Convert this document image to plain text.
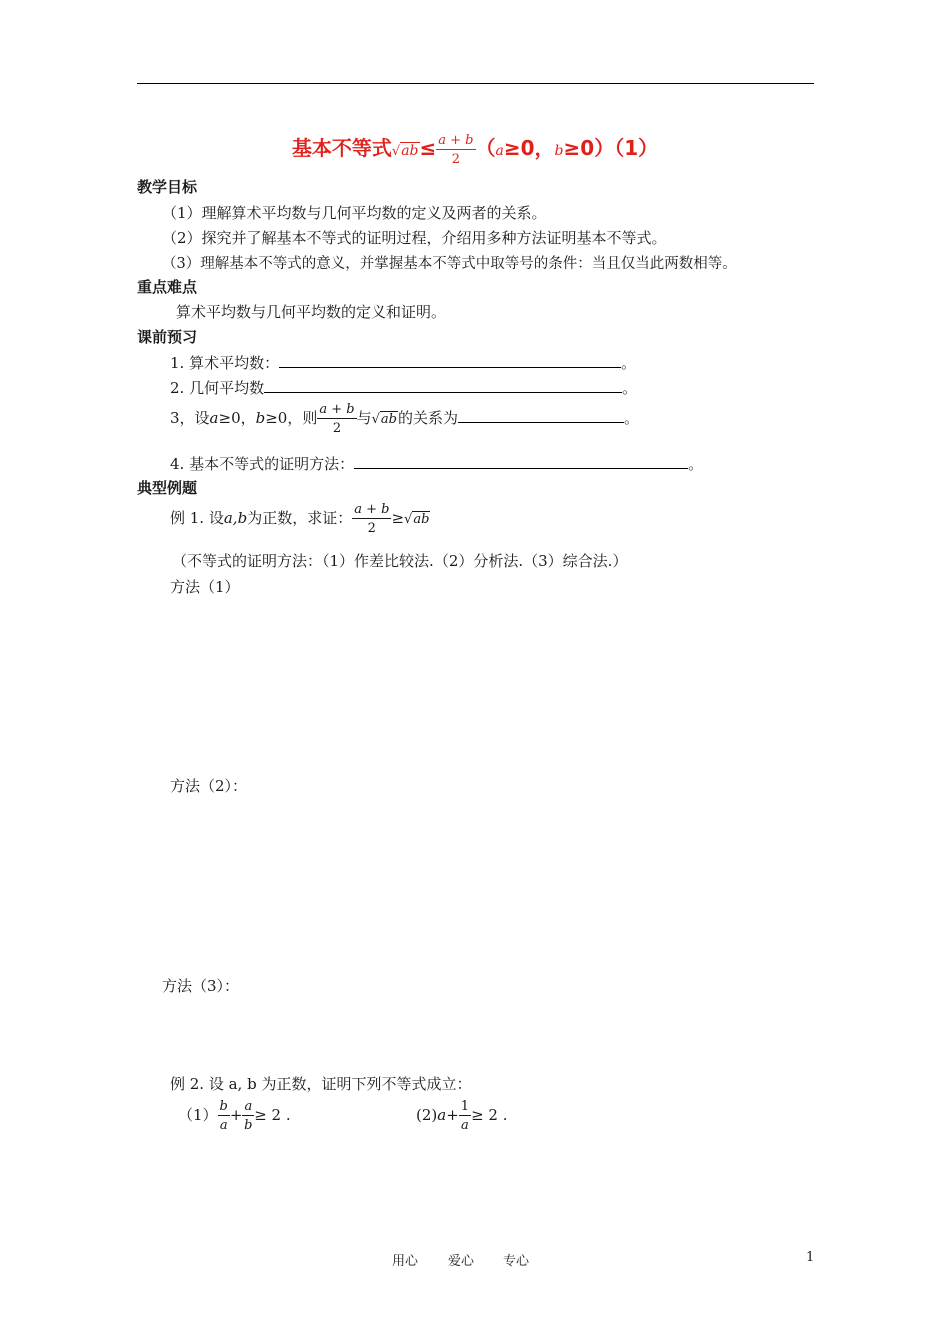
基本不等式$√ab\le \frac{a + b}{2} (a\ge 0$，b≥0）（1）
教学目标
（1）理解算术平均数与几何平均数的定义及两者的关系。
（2）探究并了解基本不等式的证明过程，介绍用多种方法证明基本不等式。
（3）理解基本不等式的意义，并掌握基本不等式中取等号的条件：当且仅当此两数相等。
重点难点
算术平均数与几何平均数的定义和证明。
课前预习
1. 算术平均数：	。
2. 几何平均数	。
3，设a≥0，b≥0，则 $\frac{a + b}{2}$ 与√ab的关系为	。
4. 基本不等式的证明方法：	。
典型例题
例 1. 设a,b为正数，求证： $\frac{a + b}{2} \ge√ab$
（不等式的证明方法：（1）作差比较法.（2）分析法.（3）综合法.）
方法（1）
方法（2）：
方法（3）：
例 2. 设 a, b 为正数，证明下列不等式成立：
$(1) \frac{b}{a} + \frac{a}{b} \ge 2$ .	$(2)a+ \frac{1}{a} \ge 2$ .
用心 爱心 专心	1
